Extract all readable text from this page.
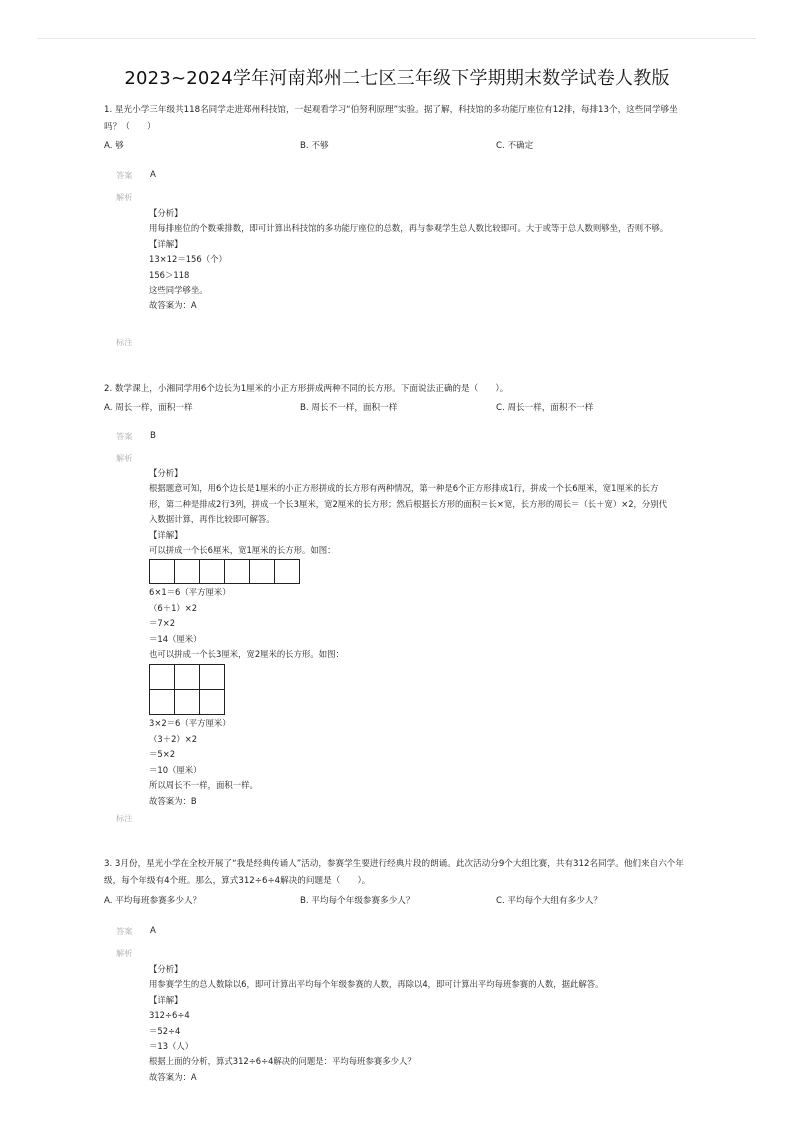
2023~2024学年河南郑州二七区三年级下学期期末数学试卷人教版
1. 星光小学三年级共118名同学走进郑州科技馆，一起观看学习“伯努利原理”实验。据了解，科技馆的多功能厅座位有12排，每排13个，这些同学够坐吗？（　　）
A. 够	B. 不够	C. 不确定
答案 A
解析
【分析】
用每排座位的个数乘排数，即可计算出科技馆的多功能厅座位的总数，再与参观学生总人数比较即可。大于或等于总人数则够坐，否则不够。
【详解】
13×12＝156（个）
156＞118
这些同学够坐。
故答案为：A
标注
2. 数学课上，小湘同学用6个边长为1厘米的小正方形拼成两种不同的长方形。下面说法正确的是（　　）。
A. 周长一样，面积一样	B. 周长不一样，面积一样	C. 周长一样，面积不一样
答案 B
解析
【分析】
根据题意可知，用6个边长是1厘米的小正方形拼成的长方形有两种情况，第一种是6个正方形排成1行，拼成一个长6厘米，宽1厘米的长方形，第二种是排成2行3列，拼成一个长3厘米，宽2厘米的长方形；然后根据长方形的面积＝长×宽，长方形的周长＝（长＋宽）×2，分别代入数据计算，再作比较即可解答。
【详解】
可以拼成一个长6厘米，宽1厘米的长方形。如图：

6×1＝6（平方厘米）
（6＋1）×2
＝7×2
＝14（厘米）
也可以拼成一个长3厘米，宽2厘米的长方形。如图：

3×2＝6（平方厘米）
（3＋2）×2
＝5×2
＝10（厘米）
所以周长不一样，面积一样。
故答案为：B
标注
3. 3月份，星光小学在全校开展了“我是经典传诵人”活动，参赛学生要进行经典片段的朗诵。此次活动分9个大组比赛，共有312名同学。他们来自六个年级，每个年级有4个班。那么，算式312÷6÷4解决的问题是（　　）。
A. 平均每班参赛多少人？	B. 平均每个年级参赛多少人？	C. 平均每个大组有多少人？
答案 A
解析
【分析】
用参赛学生的总人数除以6，即可计算出平均每个年级参赛的人数，再除以4，即可计算出平均每班参赛的人数，据此解答。
【详解】
312÷6÷4
＝52÷4
＝13（人）
根据上面的分析，算式312÷6÷4解决的问题是：平均每班参赛多少人？
故答案为：A
